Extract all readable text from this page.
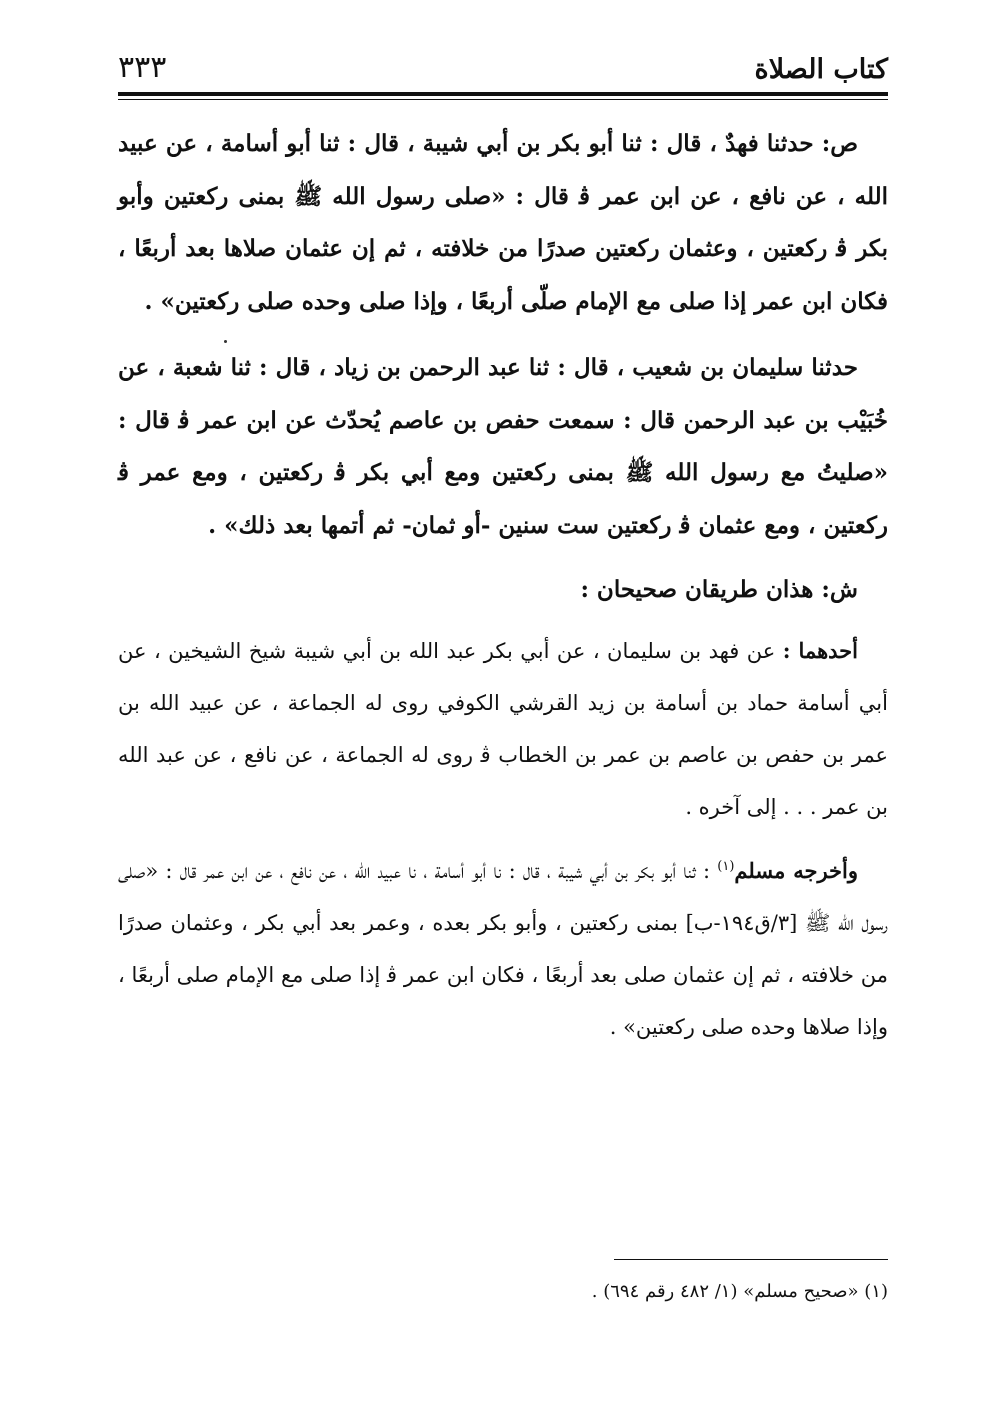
كتاب الصلاة
٣٣٣

ص: حدثنا فهدٌ ، قال : ثنا أبو بكر بن أبي شيبة ، قال : ثنا أبو أسامة ، عن عبيد الله ، عن نافع ، عن ابن عمر ﭬ قال : «صلى رسول الله ﷺ بمنى ركعتين وأبو بكر ﭬ ركعتين ، وعثمان ركعتين صدرًا من خلافته ، ثم إن عثمان صلاها بعد أربعًا ، فكان ابن عمر إذا صلى مع الإمام صلّى أربعًا ، وإذا صلى وحده صلى ركعتين» .

حدثنا سليمان بن شعيب ، قال : ثنا عبد الرحمن بن زياد ، قال : ثنا شعبة ، عن خُبَيْب بن عبد الرحمن قال : سمعت حفص بن عاصم يُحدّث عن ابن عمر ﭬ قال : «صليتُ مع رسول الله ﷺ بمنى ركعتين ومع أبي بكر ﭬ ركعتين ، ومع عمر ﭬ ركعتين ، ومع عثمان ﭬ ركعتين ست سنين -أو ثمان- ثم أتمها بعد ذلك» .

ش: هذان طريقان صحيحان :

أحدهما : عن فهد بن سليمان ، عن أبي بكر عبد الله بن أبي شيبة شيخ الشيخين ، عن أبي أسامة حماد بن أسامة بن زيد القرشي الكوفي روى له الجماعة ، عن عبيد الله بن عمر بن حفص بن عاصم بن عمر بن الخطاب ﭬ روى له الجماعة ، عن نافع ، عن عبد الله بن عمر . . . إلى آخره .

وأخرجه مسلم$^{(١)}$ : ثنا أبو بكر بن أبي شيبة ، قال : نا أبو أسامة ، نا عبيد الله ، عن نافع ، عن ابن عمر قال : «صلى رسول الله ﷺ [٣/ق١٩٤-ب] بمنى ركعتين ، وأبو بكر بعده ، وعمر بعد أبي بكر ، وعثمان صدرًا من خلافته ، ثم إن عثمان صلى بعد أربعًا ، فكان ابن عمر ﭬ إذا صلى مع الإمام صلى أربعًا ، وإذا صلاها وحده صلى ركعتين» .

(١) «صحيح مسلم» (١/ ٤٨٢ رقم ٦٩٤) .
